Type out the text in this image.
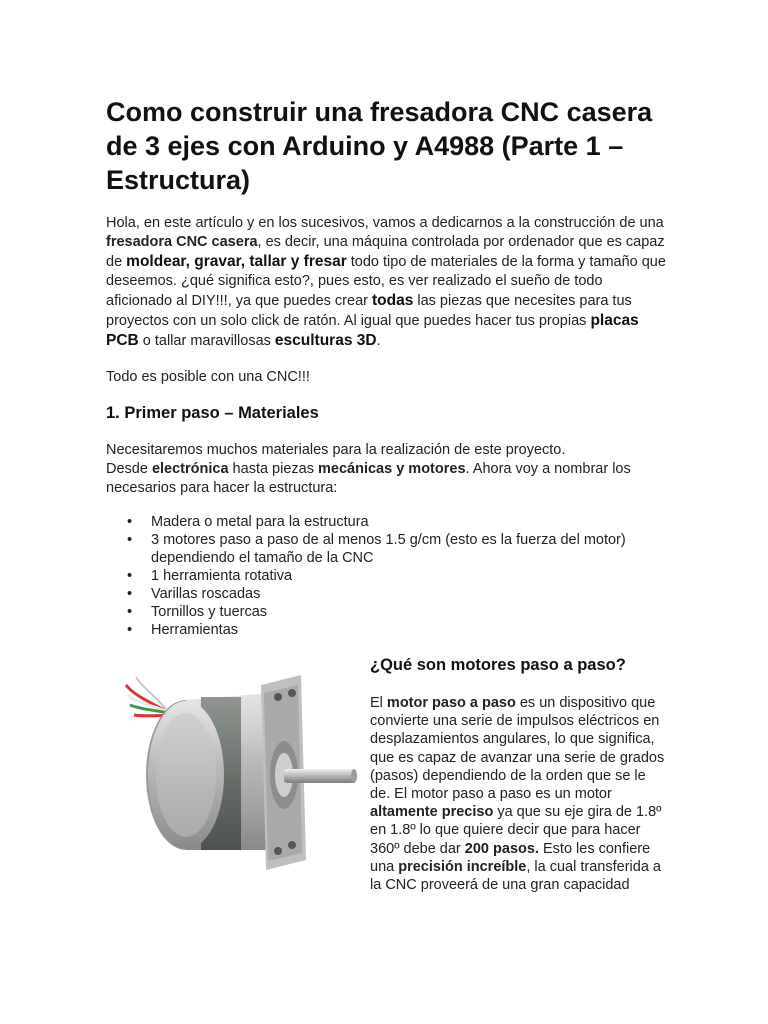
Como construir una fresadora CNC casera de 3 ejes con Arduino y A4988 (Parte 1 – Estructura)

Hola, en este artículo y en los sucesivos, vamos a dedicarnos a la construcción de una fresadora CNC casera, es decir, una máquina controlada por ordenador que es capaz de moldear, gravar, tallar y fresar todo tipo de materiales de la forma y tamaño que deseemos. ¿qué significa esto?, pues esto, es ver realizado el sueño de todo aficionado al DIY!!!, ya que puedes crear todas las piezas que necesites para tus proyectos con un solo click de ratón. Al igual que puedes hacer tus propias placas PCB o tallar maravillosas esculturas 3D.

Todo es posible con una CNC!!!

1. Primer paso – Materiales

Necesitaremos muchos materiales para la realización de este proyecto.
Desde electrónica hasta piezas mecánicas y motores. Ahora voy a nombrar los necesarios para hacer la estructura:

• Madera o metal para la estructura
• 3 motores paso a paso de al menos 1.5 g/cm (esto es la fuerza del motor) dependiendo el tamaño de la CNC
• 1 herramienta rotativa
• Varillas roscadas
• Tornillos y tuercas
• Herramientas
¿Qué son motores paso a paso?

El motor paso a paso es un dispositivo que convierte una serie de impulsos eléctricos en desplazamientos angulares, lo que significa, que es capaz de avanzar una serie de grados (pasos) dependiendo de la orden que se le de. El motor paso a paso es un motor altamente preciso ya que su eje gira de 1.8º en 1.8º lo que quiere decir que para hacer 360º debe dar 200 pasos. Esto les confiere una precisión increíble, la cual transferida a la CNC proveerá de una gran capacidad
